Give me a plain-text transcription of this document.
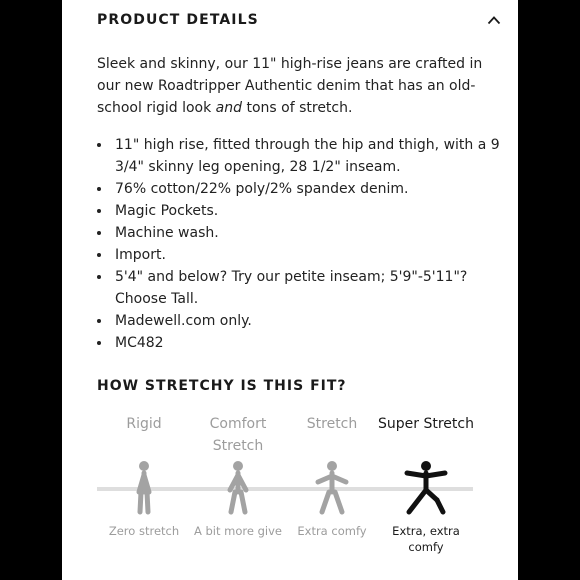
PRODUCT DETAILS
Sleek and skinny, our 11" high-rise jeans are crafted in our new Roadtripper Authentic denim that has an old-school rigid look and tons of stretch.
• 11" high rise, fitted through the hip and thigh, with a 9 3/4" skinny leg opening, 28 1/2" inseam.
• 76% cotton/22% poly/2% spandex denim.
• Magic Pockets.
• Machine wash.
• Import.
• 5'4" and below? Try our petite inseam; 5'9"-5'11"? Choose Tall.
• Madewell.com only.
• MC482
HOW STRETCHY IS THIS FIT?
Rigid
Zero stretch
Comfort Stretch
A bit more give
Stretch
Extra comfy
Super Stretch
Extra, extra comfy
